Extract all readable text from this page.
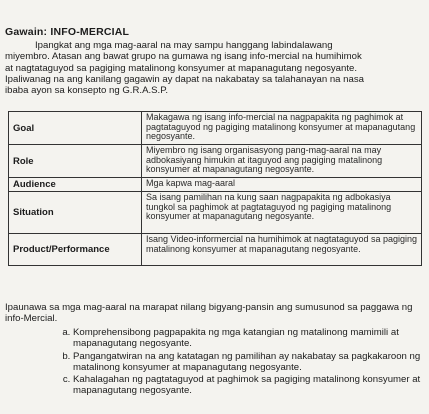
Gawain: INFO-MERCIAL
Ipangkat ang mga mag-aaral na may sampu hanggang labindalawang
miyembro. Atasan ang bawat grupo na gumawa ng isang info-mercial na humihimok
at nagtataguyod sa pagiging matalinong konsyumer at mapanagutang negosyante.
Ipaliwanag na ang kanilang gagawin ay dapat na nakabatay sa talahanayan na nasa
ibaba ayon sa konsepto ng G.R.A.S.P.
Goal	Makagawa ng isang info-mercial na nagpapakita ng paghimok at pagtataguyod ng pagiging matalinong konsyumer at mapanagutang negosyante.
Role	Miyembro ng isang organisasyong pang-mag-aaral na may adbokasiyang himukin at itaguyod ang pagiging matalinong konsyumer at mapanagutang negosyante.
Audience	Mga kapwa mag-aaral
Situation	Sa isang pamilihan na kung saan nagpapakita ng adbokasiya tungkol sa paghimok at pagtataguyod ng pagiging matalinong konsyumer at mapanagutang negosyante.
Product/Performance	Isang Video-informercial na humihimok at nagtataguyod sa pagiging matalinong konsyumer at mapanagutang negosyante.
Ipaunawa sa mga mag-aaral na marapat nilang bigyang-pansin ang sumusunod sa paggawa ng info-Mercial.
a. Komprehensibong pagpapakita ng mga katangian ng matalinong mamimili at mapanagutang negosyante.
b. Pangangatwiran na ang katatagan ng pamilihan ay nakabatay sa pagkakaroon ng matalinong konsyumer at mapanagutang negosyante.
c. Kahalagahan ng pagtataguyod at paghimok sa pagiging matalinong konsyumer at mapanagutang negosyante.
